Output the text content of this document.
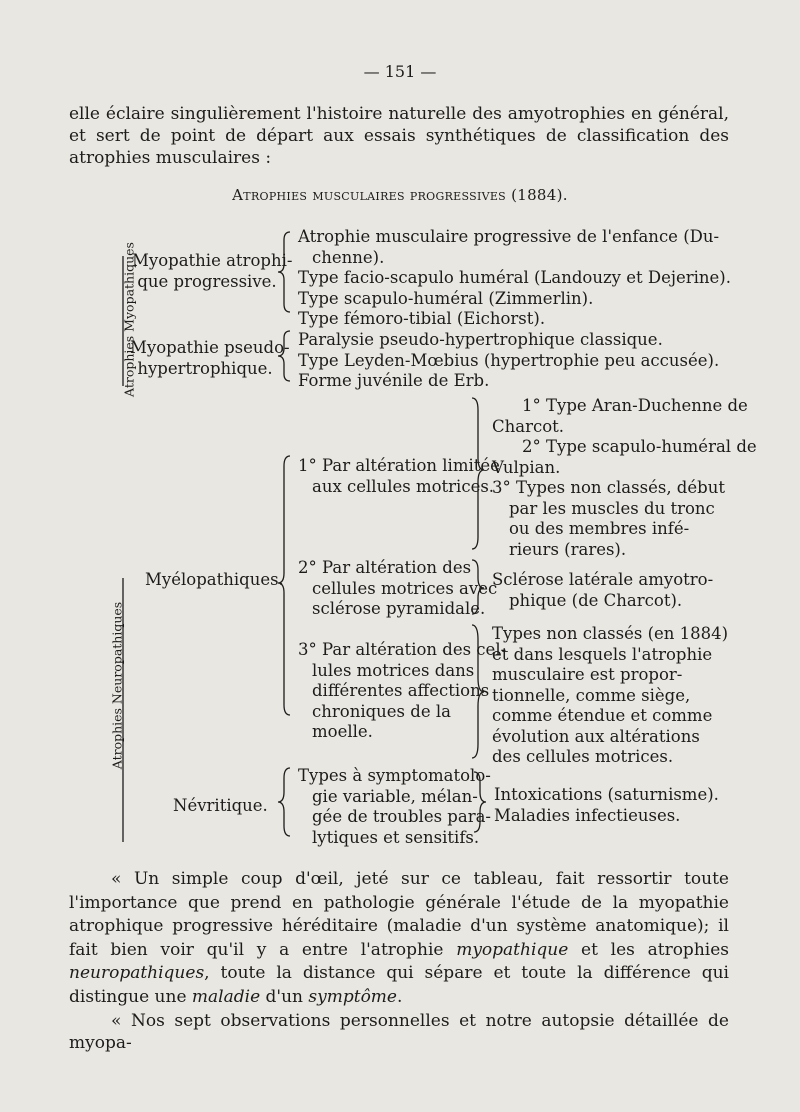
— 151 —
elle éclaire singulièrement l'histoire naturelle des amyotrophies en général, et sert de point de départ aux essais synthétiques de classification des atrophies musculaires :
Atrophies musculaires progressives (1884).
Atrophies Myopathiques
Atrophies Neuropathiques
Myopathie atrophi-
que progressive.
Atrophie musculaire progressive de l'enfance (Du-
chenne).
Type facio-scapulo huméral (Landouzy et Dejerine).
Type scapulo-huméral (Zimmerlin).
Type fémoro-tibial (Eichorst).
Myopathie pseudo-
hypertrophique.
Paralysie pseudo-hypertrophique classique.
Type Leyden-Mœbius (hypertrophie peu accusée).
Forme juvénile de Erb.
Myélopathiques.
1° Par altération limitée
aux cellules motrices.
1° Type Aran-Duchenne de
Charcot.
2° Type scapulo-huméral de
Vulpian.
3° Types non classés, début
par les muscles du tronc
ou des membres infé-
rieurs (rares).
2° Par altération des
cellules motrices avec
sclérose pyramidale.
Sclérose latérale amyotro-
phique (de Charcot).
3° Par altération des cel-
lules motrices dans
différentes affections
chroniques de la
moelle.
Types non classés (en 1884)
et dans lesquels l'atrophie
musculaire est propor-
tionnelle, comme siège,
comme étendue et comme
évolution aux altérations
des cellules motrices.
Névritique.
Types à symptomatolo-
gie variable, mélan-
gée de troubles para-
lytiques et sensitifs.
Intoxications (saturnisme).
Maladies infectieuses.
« Un simple coup d'œil, jeté sur ce tableau, fait ressortir toute l'importance que prend en pathologie générale l'étude de la myopathie atrophique progressive héréditaire (maladie d'un système anatomique); il fait bien voir qu'il y a entre l'atrophie myopathique et les atrophies neuropathiques, toute la distance qui sépare et toute la différence qui distingue une maladie d'un symptôme.
« Nos sept observations personnelles et notre autopsie détaillée de myopa-
